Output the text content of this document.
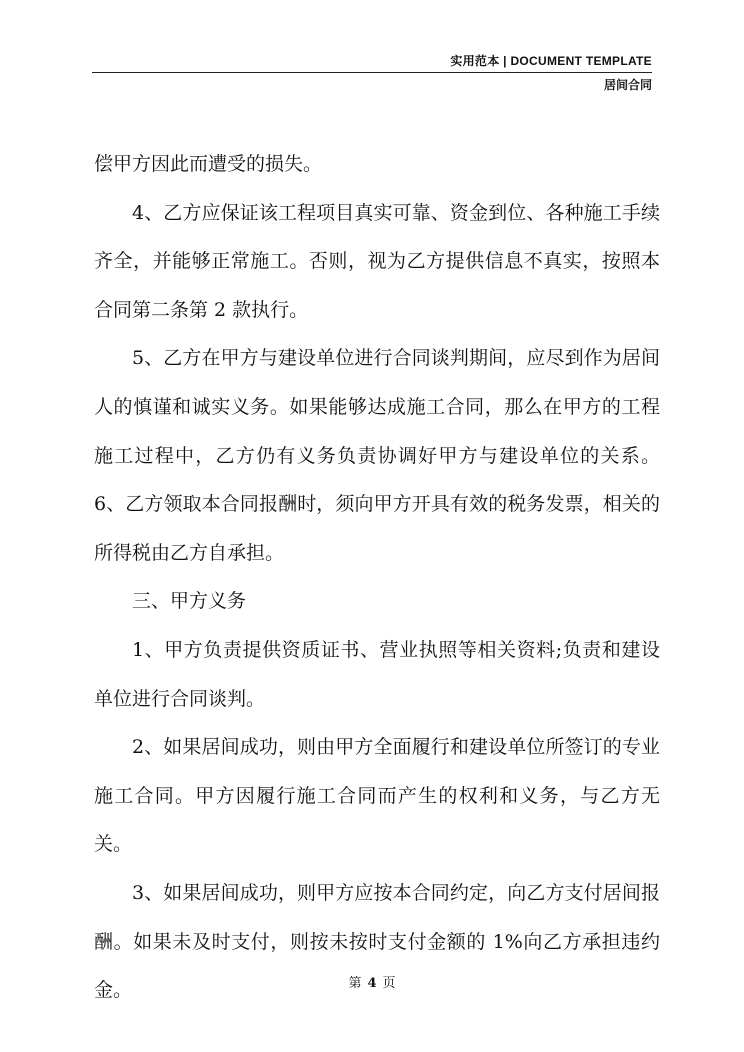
实用范本 | DOCUMENT TEMPLATE
居间合同

偿甲方因此而遭受的损失。

4、乙方应保证该工程项目真实可靠、资金到位、各种施工手续齐全，并能够正常施工。否则，视为乙方提供信息不真实，按照本合同第二条第 2 款执行。

5、乙方在甲方与建设单位进行合同谈判期间，应尽到作为居间人的慎谨和诚实义务。如果能够达成施工合同，那么在甲方的工程施工过程中，乙方仍有义务负责协调好甲方与建设单位的关系。 6、乙方领取本合同报酬时，须向甲方开具有效的税务发票，相关的所得税由乙方自承担。

三、甲方义务

1、甲方负责提供资质证书、营业执照等相关资料;负责和建设单位进行合同谈判。

2、如果居间成功，则由甲方全面履行和建设单位所签订的专业施工合同。甲方因履行施工合同而产生的权利和义务，与乙方无关。

3、如果居间成功，则甲方应按本合同约定，向乙方支付居间报酬。如果未及时支付，则按未按时支付金额的 1%向乙方承担违约金。	第 4 页
